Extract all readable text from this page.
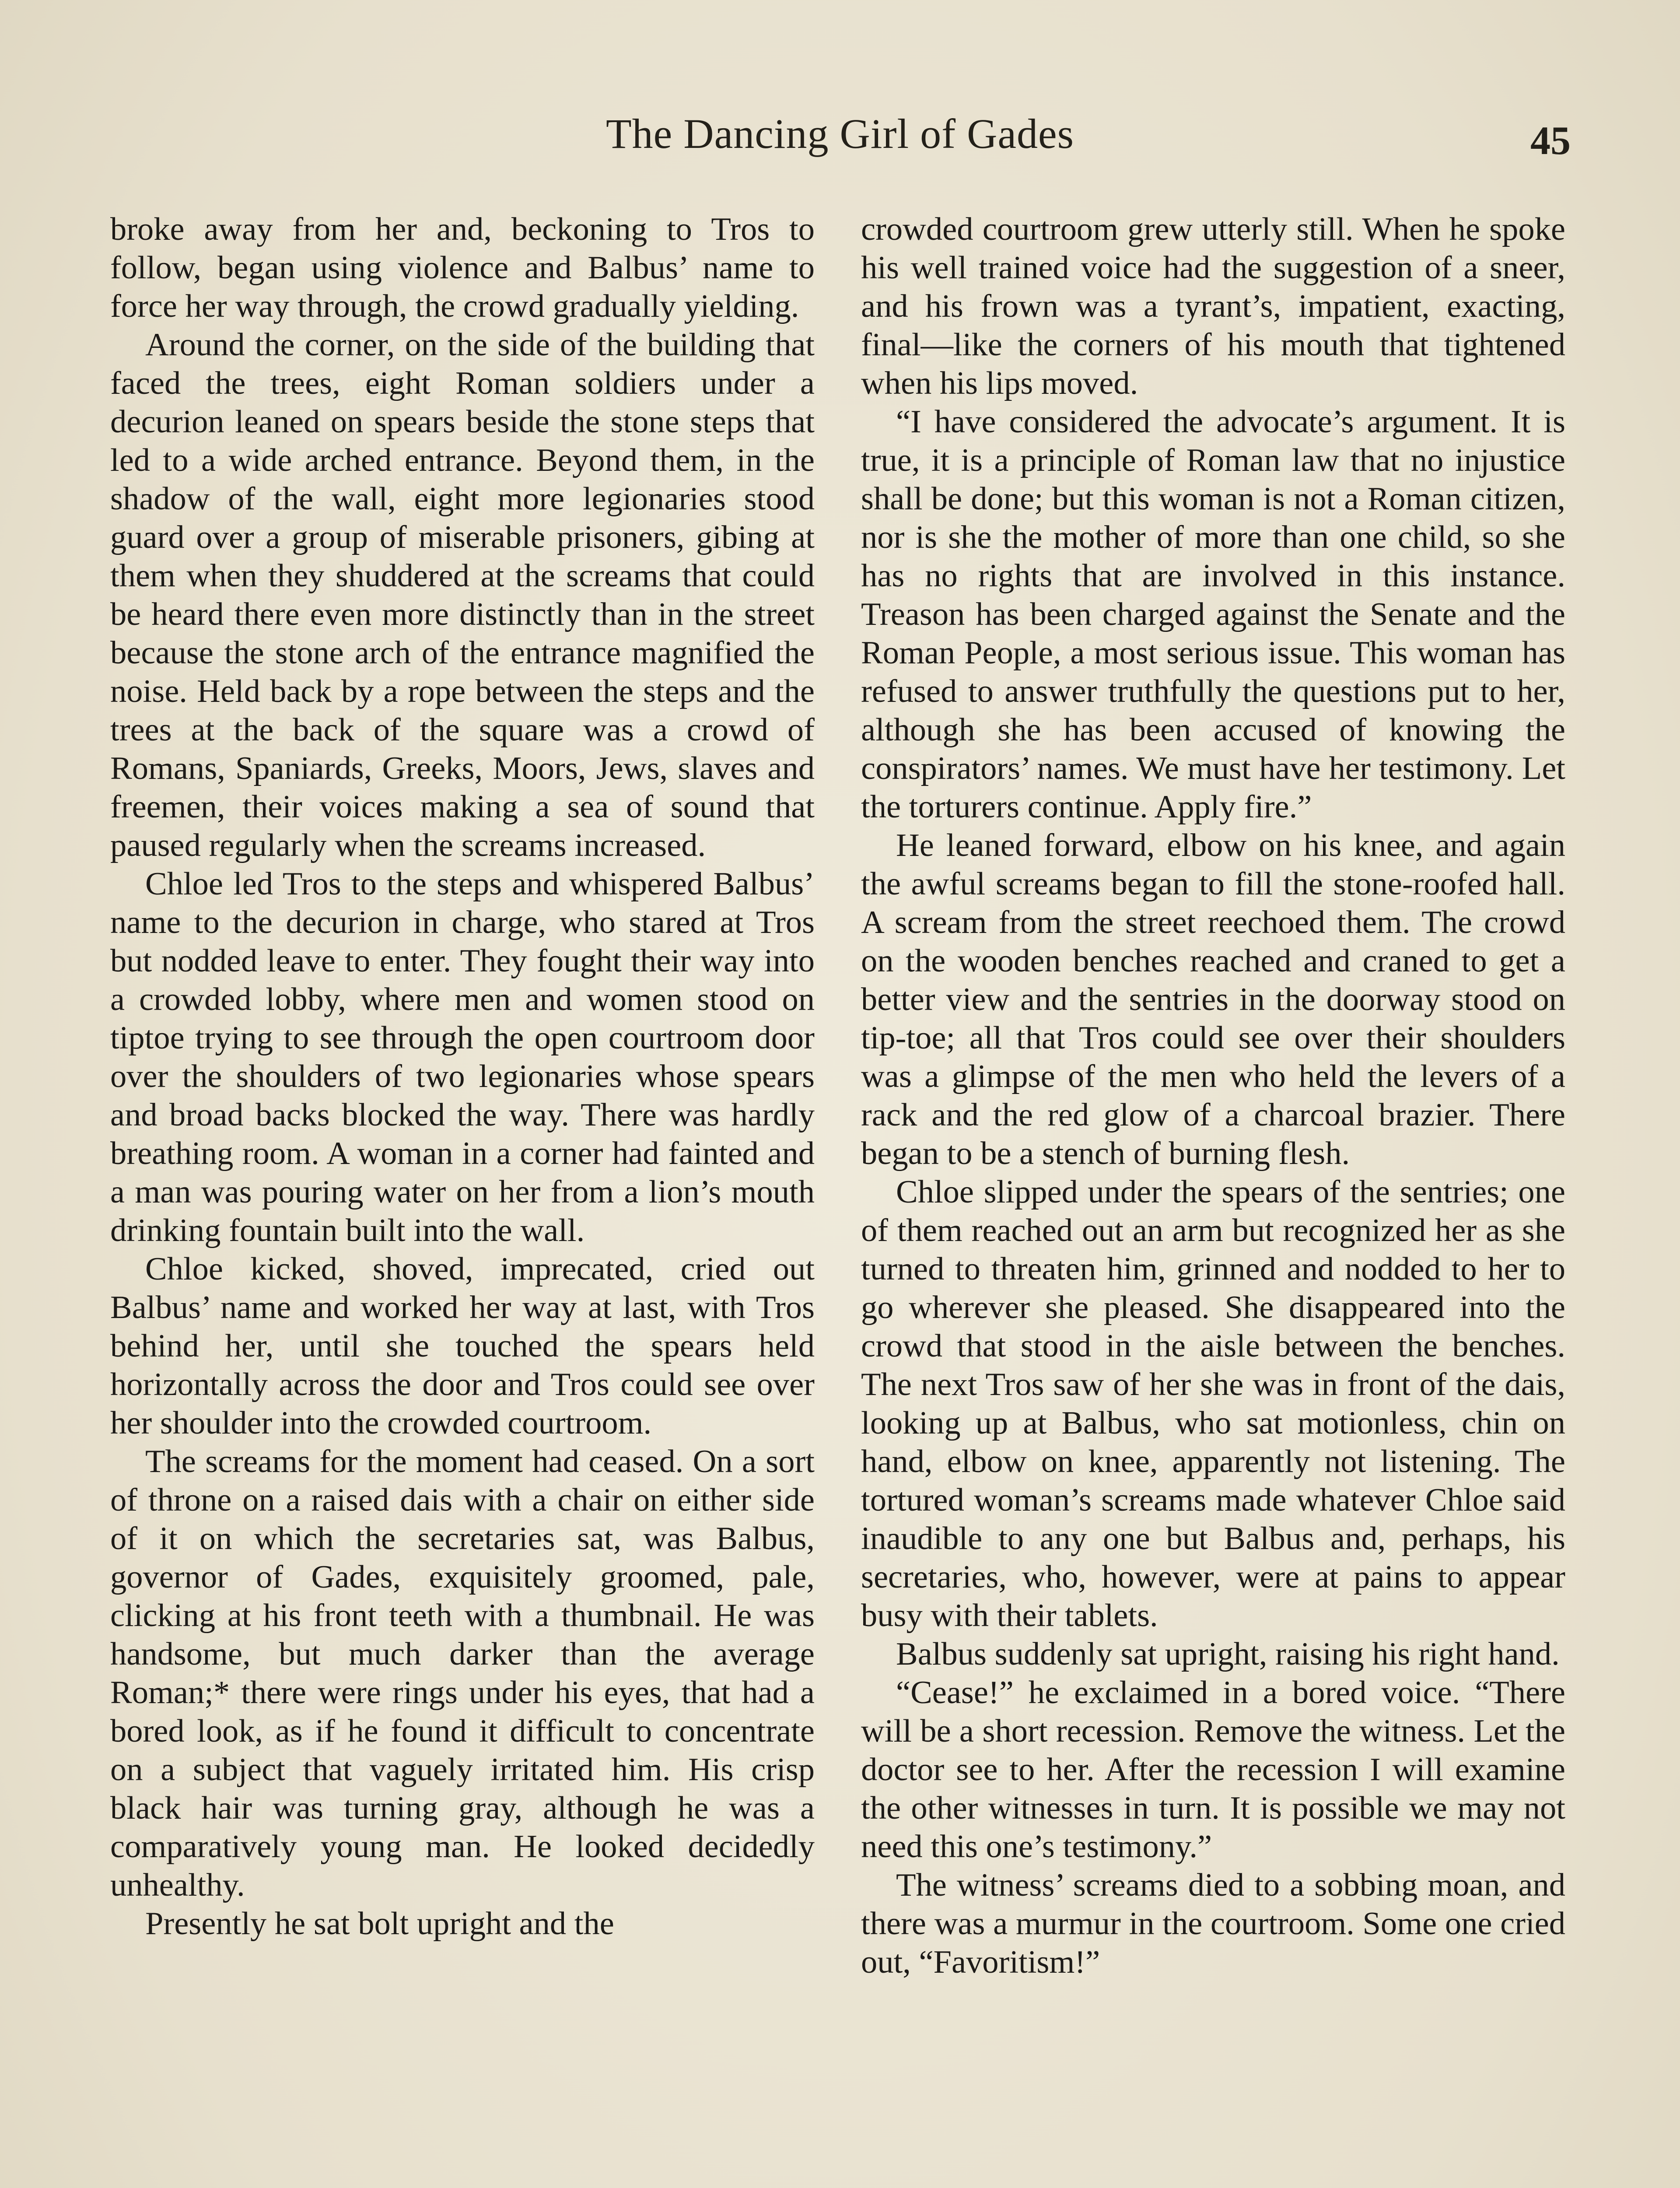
The Dancing Girl of Gades	45

broke away from her and, beckoning to Tros to follow, began using violence and Balbus’ name to force her way through, the crowd gradually yielding.

Around the corner, on the side of the building that faced the trees, eight Roman soldiers under a decurion leaned on spears beside the stone steps that led to a wide arched entrance. Beyond them, in the shadow of the wall, eight more legionaries stood guard over a group of miserable prisoners, gibing at them when they shuddered at the screams that could be heard there even more distinctly than in the street because the stone arch of the entrance magnified the noise. Held back by a rope between the steps and the trees at the back of the square was a crowd of Romans, Spaniards, Greeks, Moors, Jews, slaves and freemen, their voices making a sea of sound that paused regularly when the screams increased.

Chloe led Tros to the steps and whispered Balbus’ name to the decurion in charge, who stared at Tros but nodded leave to enter. They fought their way into a crowded lobby, where men and women stood on tiptoe trying to see through the open courtroom door over the shoulders of two legionaries whose spears and broad backs blocked the way. There was hardly breathing room. A woman in a corner had fainted and a man was pouring water on her from a lion’s mouth drinking fountain built into the wall.

Chloe kicked, shoved, imprecated, cried out Balbus’ name and worked her way at last, with Tros behind her, until she touched the spears held horizontally across the door and Tros could see over her shoulder into the crowded courtroom.

The screams for the moment had ceased. On a sort of throne on a raised dais with a chair on either side of it on which the secretaries sat, was Balbus, governor of Gades, exquisitely groomed, pale, clicking at his front teeth with a thumbnail. He was handsome, but much darker than the average Roman;* there were rings under his eyes, that had a bored look, as if he found it difficult to concentrate on a subject that vaguely irritated him. His crisp black hair was turning gray, although he was a comparatively young man. He looked decidedly unhealthy.

Presently he sat bolt upright and the

crowded courtroom grew utterly still. When he spoke his well trained voice had the suggestion of a sneer, and his frown was a tyrant’s, impatient, exacting, final—like the corners of his mouth that tightened when his lips moved.

“I have considered the advocate’s argument. It is true, it is a principle of Roman law that no injustice shall be done; but this woman is not a Roman citizen, nor is she the mother of more than one child, so she has no rights that are involved in this instance. Treason has been charged against the Senate and the Roman People, a most serious issue. This woman has refused to answer truthfully the questions put to her, although she has been accused of knowing the conspirators’ names. We must have her testimony. Let the torturers continue. Apply fire.”

He leaned forward, elbow on his knee, and again the awful screams began to fill the stone-roofed hall. A scream from the street reechoed them. The crowd on the wooden benches reached and craned to get a better view and the sentries in the doorway stood on tip-toe; all that Tros could see over their shoulders was a glimpse of the men who held the levers of a rack and the red glow of a charcoal brazier. There began to be a stench of burning flesh.

Chloe slipped under the spears of the sentries; one of them reached out an arm but recognized her as she turned to threaten him, grinned and nodded to her to go wherever she pleased. She disappeared into the crowd that stood in the aisle between the benches. The next Tros saw of her she was in front of the dais, looking up at Balbus, who sat motionless, chin on hand, elbow on knee, apparently not listening. The tortured woman’s screams made whatever Chloe said inaudible to any one but Balbus and, perhaps, his secretaries, who, however, were at pains to appear busy with their tablets.

Balbus suddenly sat upright, raising his right hand.

“Cease!” he exclaimed in a bored voice. “There will be a short recession. Remove the witness. Let the doctor see to her. After the recession I will examine the other witnesses in turn. It is possible we may not need this one’s testimony.”

The witness’ screams died to a sobbing moan, and there was a murmur in the courtroom. Some one cried out, “Favoritism!”
